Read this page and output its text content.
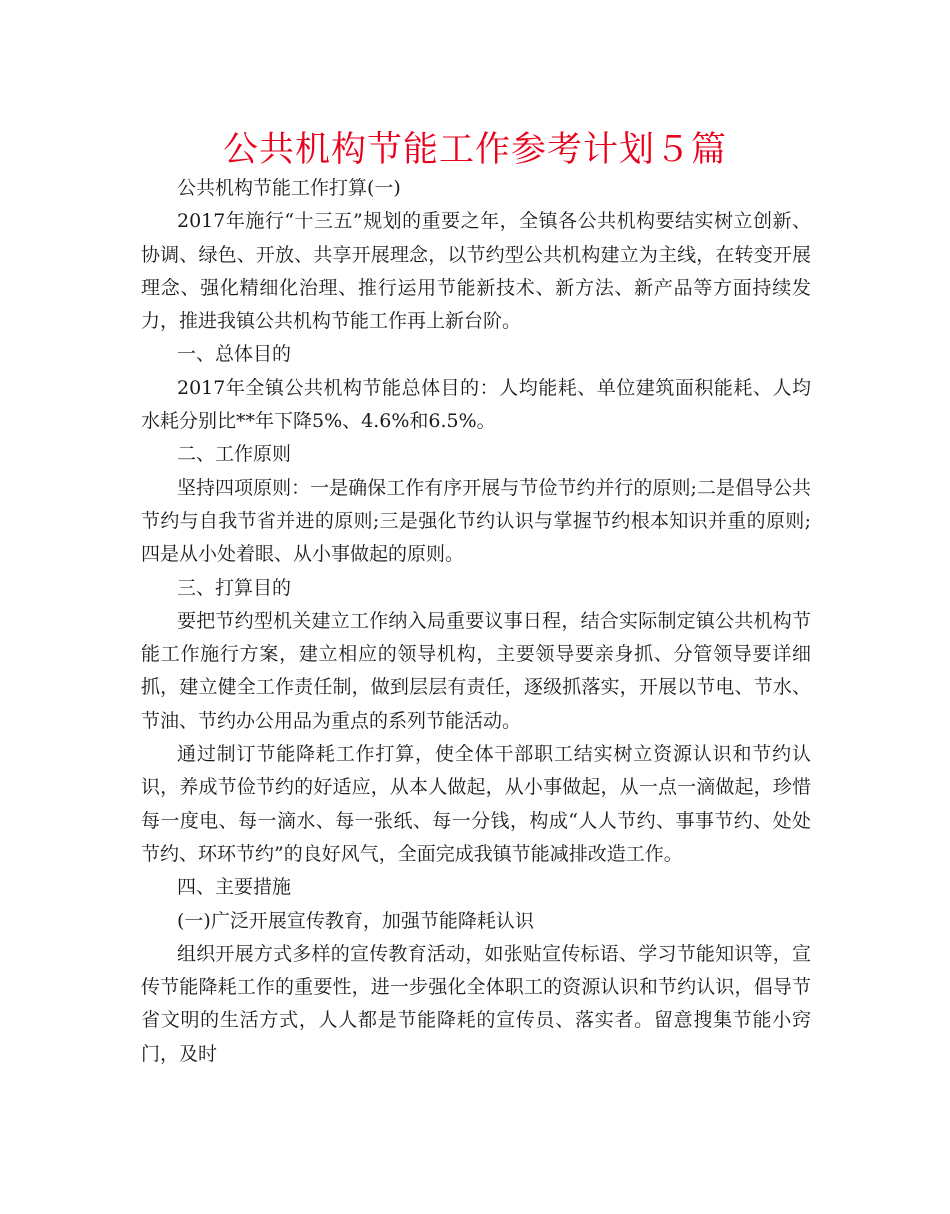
公共机构节能工作参考计划５篇

公共机构节能工作打算(一)

2017年施行“十三五”规划的重要之年，全镇各公共机构要结实树立创新、协调、绿色、开放、共享开展理念，以节约型公共机构建立为主线，在转变开展理念、强化精细化治理、推行运用节能新技术、新方法、新产品等方面持续发力，推进我镇公共机构节能工作再上新台阶。

一、总体目的

2017年全镇公共机构节能总体目的：人均能耗、单位建筑面积能耗、人均水耗分别比**年下降5%、4.6%和6.5%。

二、工作原则

坚持四项原则：一是确保工作有序开展与节俭节约并行的原则;二是倡导公共节约与自我节省并进的原则;三是强化节约认识与掌握节约根本知识并重的原则;四是从小处着眼、从小事做起的原则。

三、打算目的

要把节约型机关建立工作纳入局重要议事日程，结合实际制定镇公共机构节能工作施行方案，建立相应的领导机构，主要领导要亲身抓、分管领导要详细抓，建立健全工作责任制，做到层层有责任，逐级抓落实，开展以节电、节水、节油、节约办公用品为重点的系列节能活动。

通过制订节能降耗工作打算，使全体干部职工结实树立资源认识和节约认识，养成节俭节约的好适应，从本人做起，从小事做起，从一点一滴做起，珍惜每一度电、每一滴水、每一张纸、每一分钱，构成“人人节约、事事节约、处处节约、环环节约”的良好风气，全面完成我镇节能减排改造工作。

四、主要措施

(一)广泛开展宣传教育，加强节能降耗认识

组织开展方式多样的宣传教育活动，如张贴宣传标语、学习节能知识等，宣传节能降耗工作的重要性，进一步强化全体职工的资源认识和节约认识，倡导节省文明的生活方式，人人都是节能降耗的宣传员、落实者。留意搜集节能小窍门，及时
